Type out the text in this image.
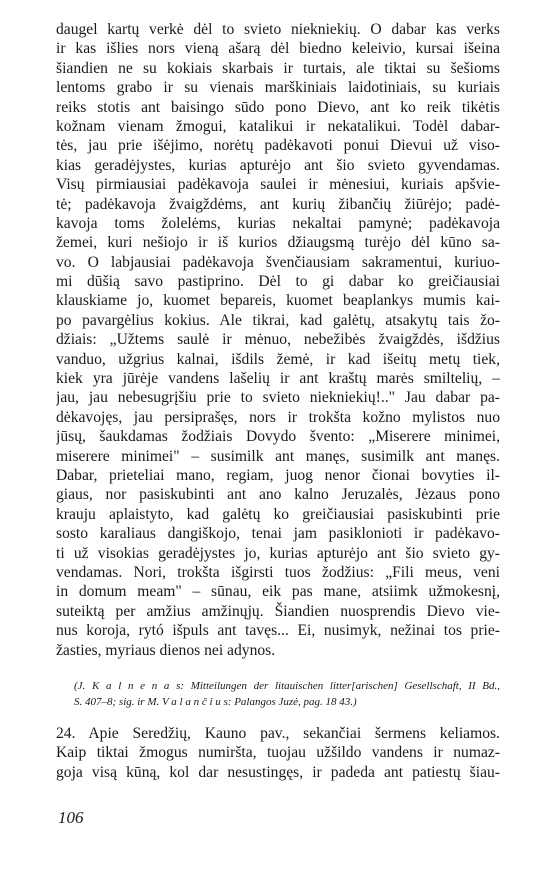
daugel kartų verkė dėl to svieto niekniekių. O dabar kas verks
ir kas išlies nors vieną ašarą dėl biedno keleivio, kursai išeina
šiandien ne su kokiais skarbais ir turtais, ale tiktai su šešioms
lentoms grabo ir su vienais marškiniais laidotiniais, su kuriais
reiks stotis ant baisingo sūdo pono Dievo, ant ko reik tikėtis
kožnam vienam žmogui, katalikui ir nekatalikui. Todėl dabar-
tės, jau prie išėjimo, norėtų padėkavoti ponui Dievui už viso-
kias geradėjystes, kurias apturėjo ant šio svieto gyvendamas.
Visų pirmiausiai padėkavoja saulei ir mėnesiui, kuriais apšvie-
tė; padėkavoja žvaigždėms, ant kurių žibančių žiūrėjo; padė-
kavoja toms žolelėms, kurias nekaltai pamynė; padėkavoja
žemei, kuri nešiojo ir iš kurios džiaugsmą turėjo dėl kūno sa-
vo. O labjausiai padėkavoja švenčiausiam sakramentui, kuriuo-
mi dūšią savo pastiprino. Dėl to gi dabar ko greičiausiai
klauskiame jo, kuomet bepareis, kuomet beaplankys mumis kai-
po pavargėlius kokius. Ale tikrai, kad galėtų, atsakytų tais žo-
džiais: „Užtems saulė ir mėnuo, nebežibės žvaigždės, išdžius
vanduo, užgrius kalnai, išdils žemė, ir kad išeitų metų tiek,
kiek yra jūrėje vandens lašelių ir ant kraštų marės smiltelių, –
jau, jau nebesugrįšiu prie to svieto niekniekių!.." Jau dabar pa-
dėkavojęs, jau persiprašęs, nors ir trokšta kožno mylistos nuo
jūsų, šaukdamas žodžiais Dovydo švento: „Miserere minimei,
miserere minimei" – susimilk ant manęs, susimilk ant manęs.
Dabar, prieteliai mano, regiam, juog nenor čionai bovyties il-
giaus, nor pasiskubinti ant ano kalno Jeruzalės, Jėzaus pono
krauju aplaistyto, kad galėtų ko greičiausiai pasiskubinti prie
sosto karaliaus dangiškojo, tenai jam pasiklonioti ir padėkavo-
ti už visokias geradėjystes jo, kurias apturėjo ant šio svieto gy-
vendamas. Nori, trokšta išgirsti tuos žodžius: „Fili meus, veni
in domum meam" – sūnau, eik pas mane, atsiimk užmokesnį,
suteiktą per amžius amžinųjų. Šiandien nuosprendis Dievo vie-
nus koroja, rytó išpuls ant tavęs... Ei, nusimyk, nežinai tos prie-
žasties, myriaus dienos nei adynos.
(J. K a l n e n a s: Mitteilungen der litauischen litter[arischen] Gesellschaft, II Bd.,
S. 407–8; sig. ir M. V a l a n č i u s: Palangos Juzė, pag. 18 43.)
24. Apie Seredžių, Kauno pav., sekančiai šermens keliamos.
Kaip tiktai žmogus numiršta, tuojau užšildo vandens ir numaz-
goja visą kūną, kol dar nesustingęs, ir padeda ant patiestų šiau-
106
